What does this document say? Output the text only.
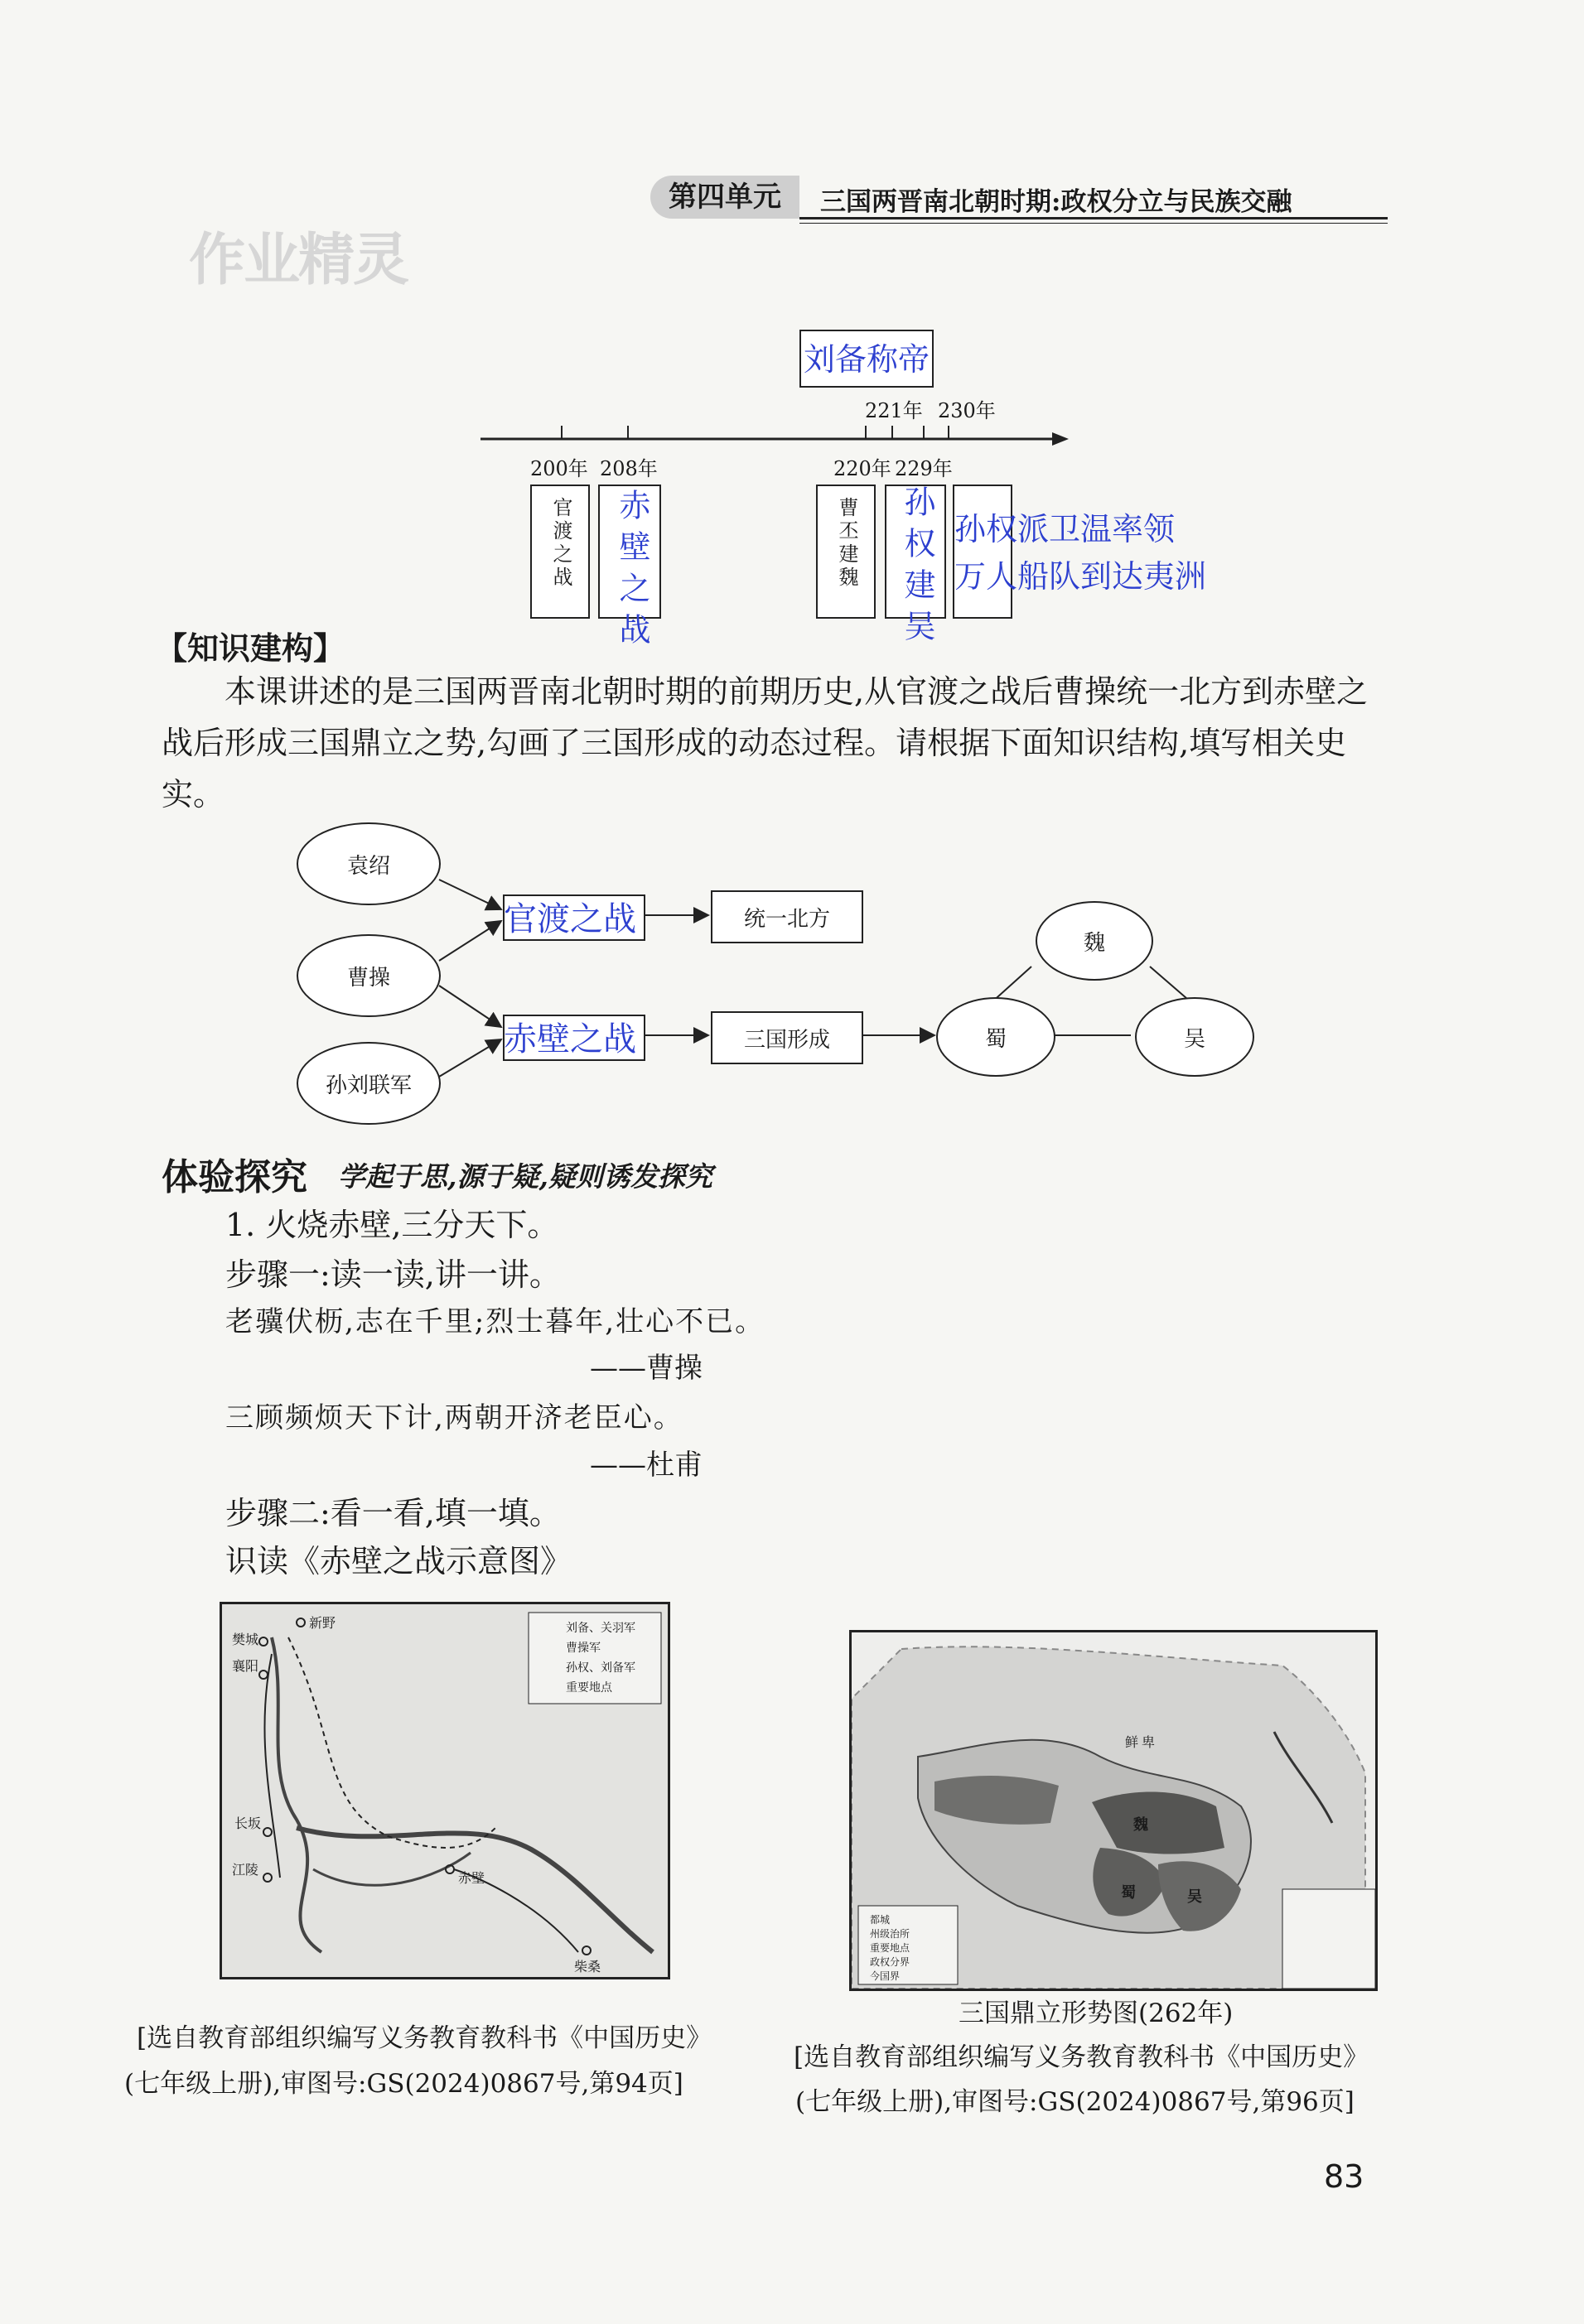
作业精灵
第四单元	三国两晋南北朝时期:政权分立与民族交融
刘备称帝
221年 230年
200年 208年	220年 229年
官渡之战 赤壁之战	曹丕建魏 孙权建吴 孙权派卫温率领
万人船队到达夷洲
【知识建构】
本课讲述的是三国两晋南北朝时期的前期历史,从官渡之战后曹操统一北方到赤壁之战后形成三国鼎立之势,勾画了三国形成的动态过程。请根据下面知识结构,填写相关史实。
袁绍
曹操
孙刘联军
官渡之战
赤壁之战
统一北方
三国形成
魏
蜀	吴
体验探究 学起于思,源于疑,疑则诱发探究
1. 火烧赤壁,三分天下。
步骤一:读一读,讲一讲。
老骥伏枥,志在千里;烈士暮年,壮心不已。
——曹操
三顾频烦天下计,两朝开济老臣心。
——杜甫
步骤二:看一看,填一填。
识读《赤壁之战示意图》
刘备、关羽军
曹操军
孙权、刘备军
重要地点
新野
樊城
襄阳
长坂
江陵
赤壁
柴桑
[选自教育部组织编写义务教育教科书《中国历史》
(七年级上册),审图号:GS(2024)0867号,第94页]
鲜 卑
魏
蜀	吴
都城
州级治所
重要地点
政权分界
今国界
三国鼎立形势图(262年)
[选自教育部组织编写义务教育教科书《中国历史》
(七年级上册),审图号:GS(2024)0867号,第96页]
83
